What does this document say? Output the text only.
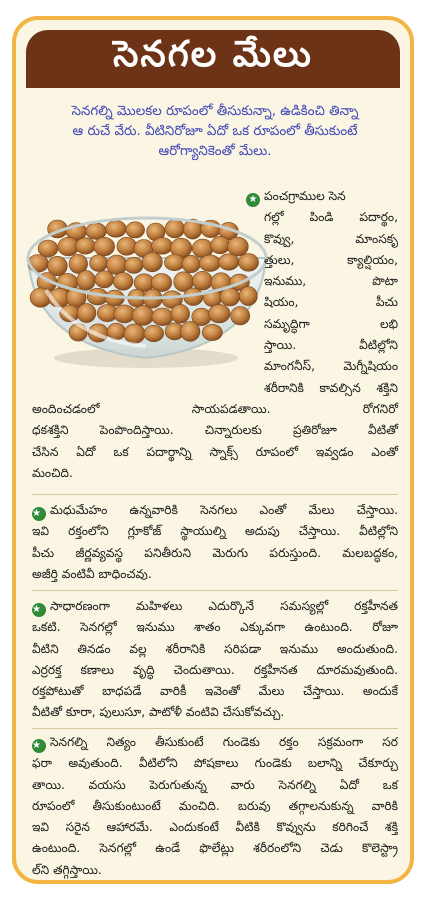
సెనగల మేలు

సెనగల్ని మొలకల రూపంలో తీసుకున్నా, ఉడికించి తిన్నా
ఆ రుచే వేరు. వీటినిరోజూ ఏదో ఒక రూపంలో తీసుకుంటే
ఆరోగ్యానికెంతో మేలు.

★ పంచగ్రాముల సెన
గల్లో పిండి పదార్థం,
కొవ్వు, మాంసకృ
త్తులు, క్యాల్షియం,
ఇనుము, పొటా
షియం, పీచు
సమృద్ధిగా లభి
స్తాయి. వీటిల్లోని
మాంగనీస్, మెగ్నీషియం
శరీరానికి కావల్సిన శక్తిని
అందించడంలో సాయపడతాయి. రోగనిరో
ధకశక్తిని పెంపొందిస్తాయి. చిన్నారులకు ప్రతిరోజూ వీటితో
చేసిన ఏదో ఒక పదార్థాన్ని స్నాక్స్ రూపంలో ఇవ్వడం ఎంతో
మంచిది.
★ మధుమేహం ఉన్నవారికి సెనగలు ఎంతో మేలు చేస్తాయి.
ఇవి రక్తంలోని గ్లూకోజ్ స్థాయుల్ని అదుపు చేస్తాయి. వీటిల్లోని
పీచు జీర్ణవ్యవస్థ పనితీరుని మెరుగు పరుస్తుంది. మలబద్ధకం,
అజీర్తి వంటివీ బాధించవు.
★ సాధారణంగా మహిళలు ఎదుర్కొనే సమస్యల్లో రక్తహీనత
ఒకటి. సెనగల్లో ఇనుము శాతం ఎక్కువగా ఉంటుంది. రోజూ
వీటిని తినడం వల్ల శరీరానికి సరిపడా ఇనుము అందుతుంది.
ఎర్రరక్త కణాలు వృద్ధి చెందుతాయి. రక్తహీనత దూరమవుతుంది.
రక్తపోటుతో బాధపడే వారికీ ఇవెంతో మేలు చేస్తాయి. అందుకే
వీటితో కూరా, పులుసూ, పాటోళీ వంటివి చేసుకోవచ్చు.
★ సెనగల్ని నిత్యం తీసుకుంటే గుండెకు రక్తం సక్రమంగా సర
ఫరా అవుతుంది. వీటిలోని పోషకాలు గుండెకు బలాన్ని చేకూర్చు
తాయి. వయసు పెరుగుతున్న వారు సెనగల్ని ఏదో ఒక
రూపంలో తీసుకుంటుంటే మంచిది. బరువు తగ్గాలనుకున్న వారికి
ఇవి సరైన ఆహారమే. ఎందుకంటే వీటికి కొవ్వును కరిగించే శక్తి
ఉంటుంది. సెనగల్లో ఉండే ఫొలేట్లు శరీరంలోని చెడు కొలెస్ట్రా
ల్‌ని తగ్గిస్తాయి.
